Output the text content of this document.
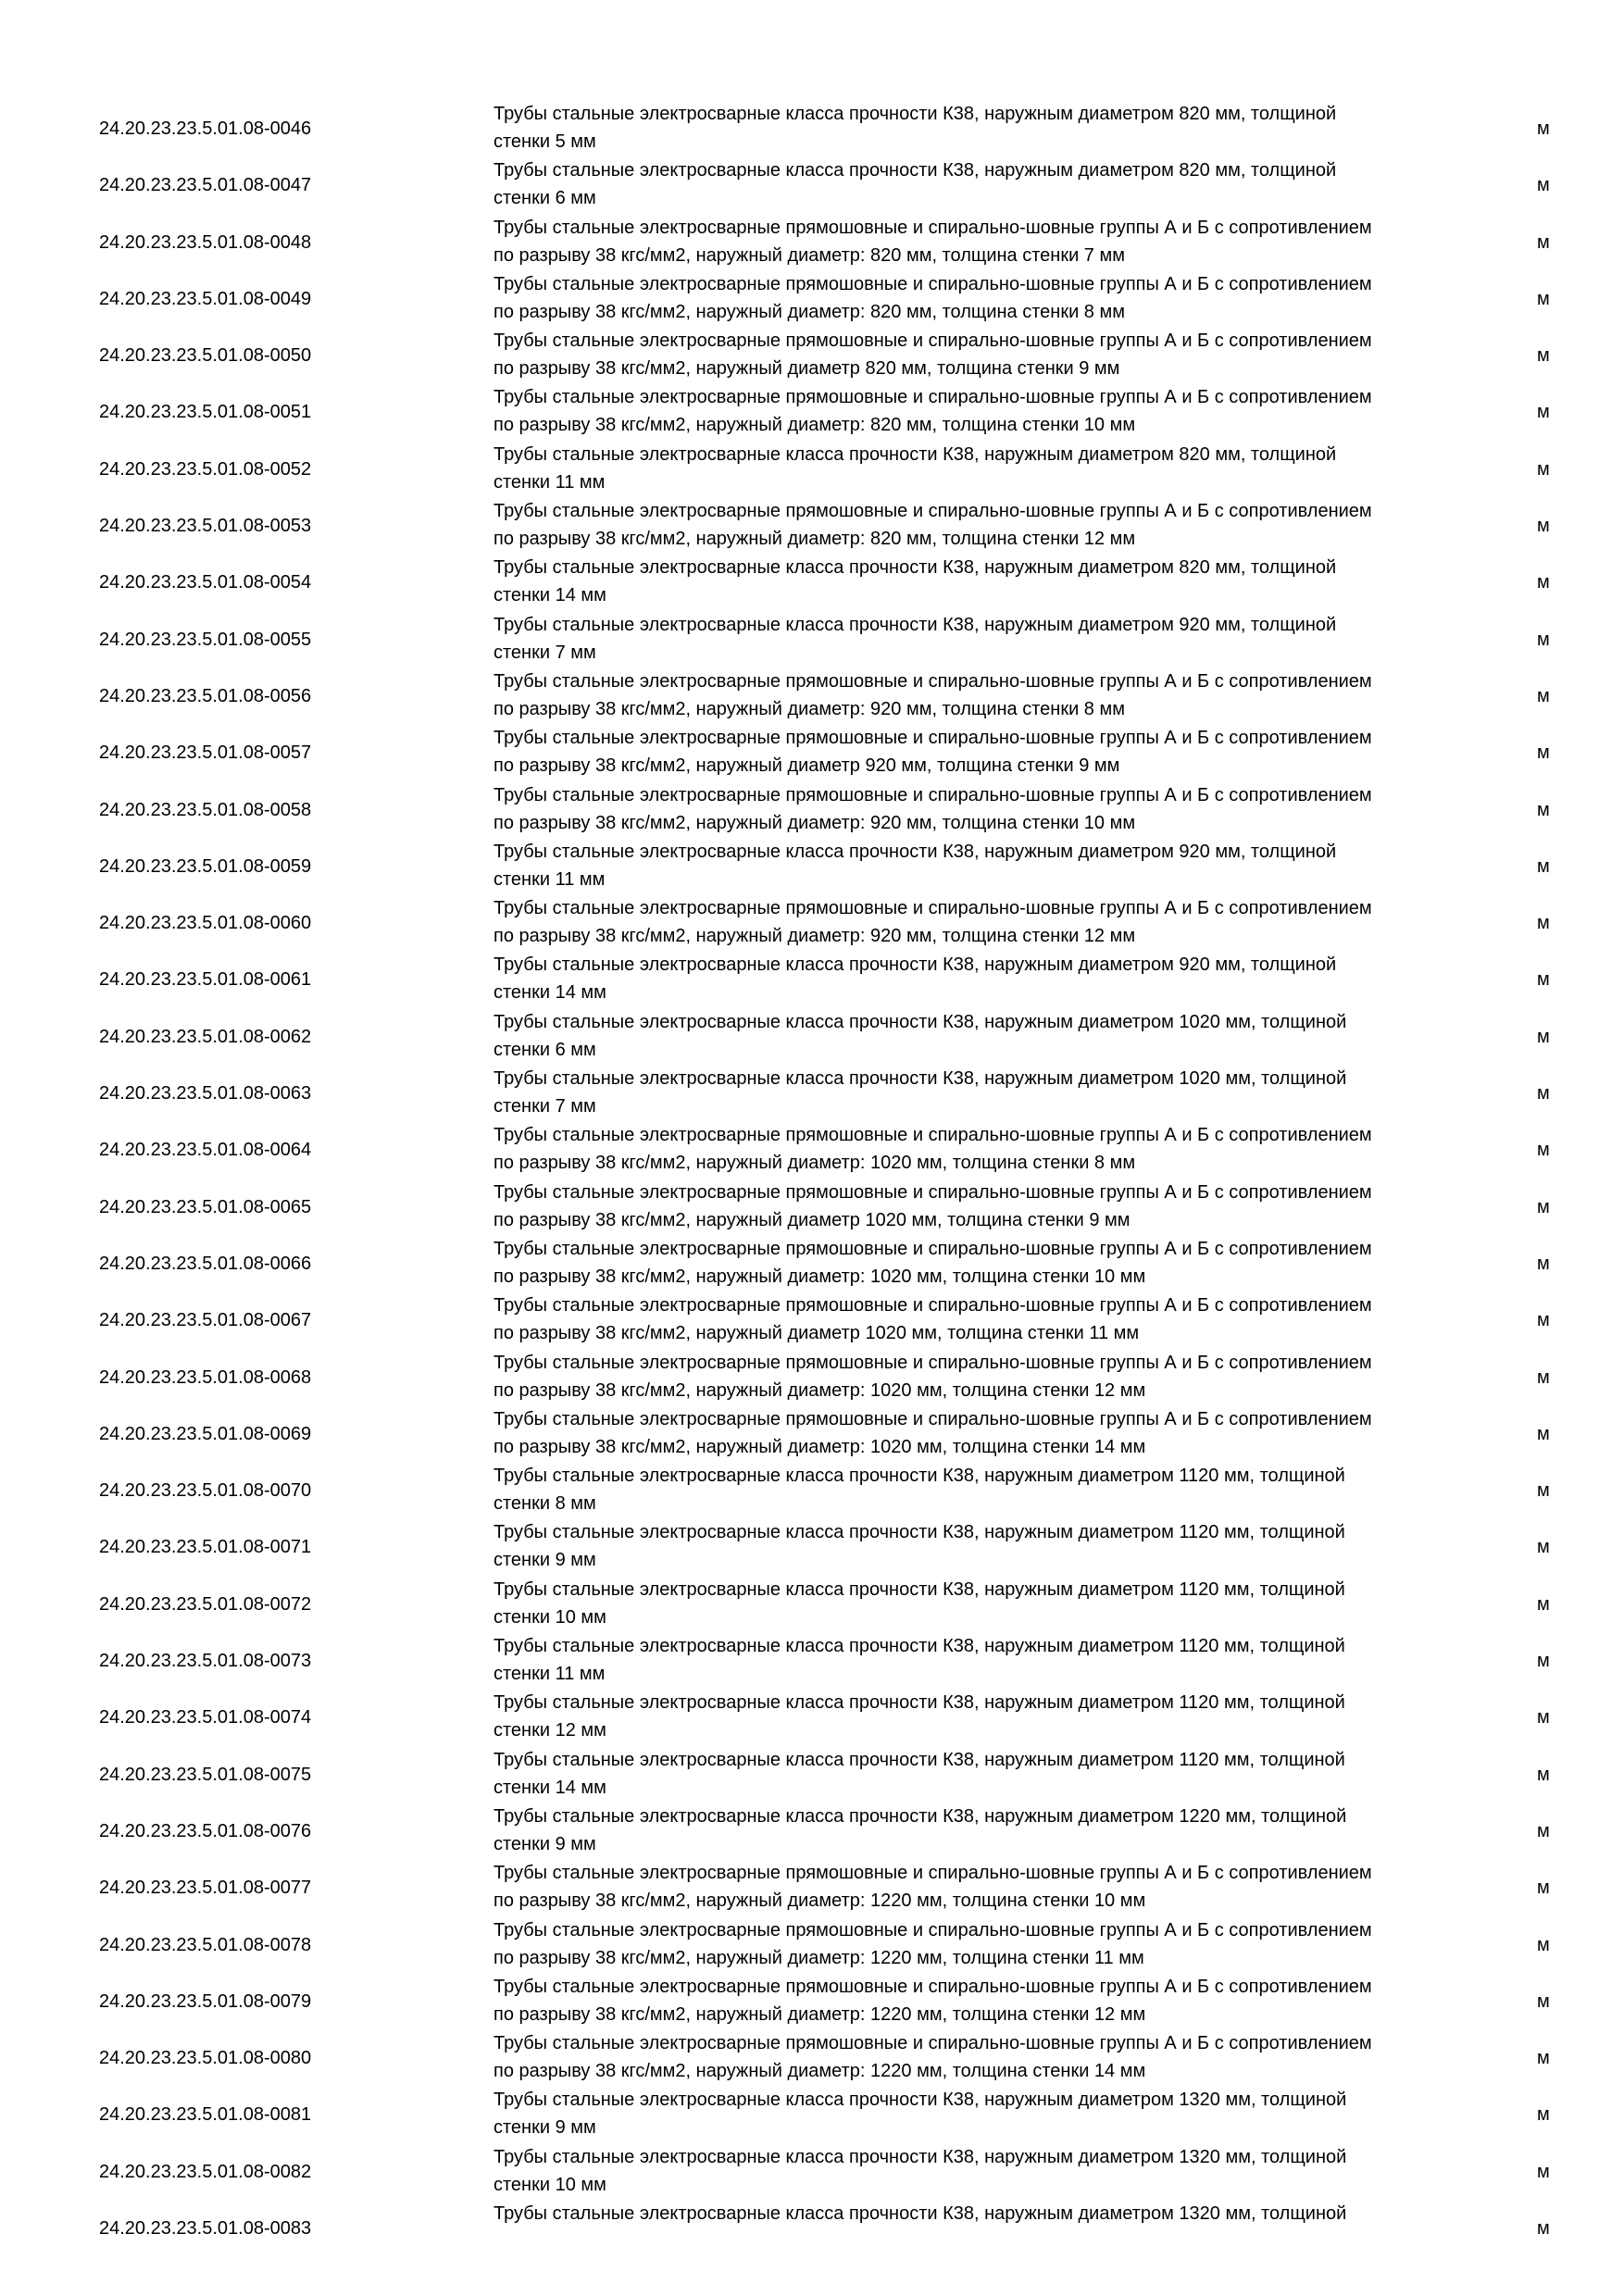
24.20.23.23.5.01.08-0046
Трубы стальные электросварные класса прочности К38, наружным диаметром 820 мм, толщиной
стенки 5 мм
м
24.20.23.23.5.01.08-0047
Трубы стальные электросварные класса прочности К38, наружным диаметром 820 мм, толщиной
стенки 6 мм
м
24.20.23.23.5.01.08-0048
Трубы стальные электросварные прямошовные и спирально-шовные группы А и Б с сопротивлением
по разрыву 38 кгс/мм2, наружный диаметр: 820 мм, толщина стенки 7 мм
м
24.20.23.23.5.01.08-0049
Трубы стальные электросварные прямошовные и спирально-шовные группы А и Б с сопротивлением
по разрыву 38 кгс/мм2, наружный диаметр: 820 мм, толщина стенки 8 мм
м
24.20.23.23.5.01.08-0050
Трубы стальные электросварные прямошовные и спирально-шовные группы А и Б с сопротивлением
по разрыву 38 кгс/мм2, наружный диаметр 820 мм, толщина стенки 9 мм
м
24.20.23.23.5.01.08-0051
Трубы стальные электросварные прямошовные и спирально-шовные группы А и Б с сопротивлением
по разрыву 38 кгс/мм2, наружный диаметр: 820 мм, толщина стенки 10 мм
м
24.20.23.23.5.01.08-0052
Трубы стальные электросварные класса прочности К38, наружным диаметром 820 мм, толщиной
стенки 11 мм
м
24.20.23.23.5.01.08-0053
Трубы стальные электросварные прямошовные и спирально-шовные группы А и Б с сопротивлением
по разрыву 38 кгс/мм2, наружный диаметр: 820 мм, толщина стенки 12 мм
м
24.20.23.23.5.01.08-0054
Трубы стальные электросварные класса прочности К38, наружным диаметром 820 мм, толщиной
стенки 14 мм
м
24.20.23.23.5.01.08-0055
Трубы стальные электросварные класса прочности К38, наружным диаметром 920 мм, толщиной
стенки 7 мм
м
24.20.23.23.5.01.08-0056
Трубы стальные электросварные прямошовные и спирально-шовные группы А и Б с сопротивлением
по разрыву 38 кгс/мм2, наружный диаметр: 920 мм, толщина стенки 8 мм
м
24.20.23.23.5.01.08-0057
Трубы стальные электросварные прямошовные и спирально-шовные группы А и Б с сопротивлением
по разрыву 38 кгс/мм2, наружный диаметр 920 мм, толщина стенки 9 мм
м
24.20.23.23.5.01.08-0058
Трубы стальные электросварные прямошовные и спирально-шовные группы А и Б с сопротивлением
по разрыву 38 кгс/мм2, наружный диаметр: 920 мм, толщина стенки 10 мм
м
24.20.23.23.5.01.08-0059
Трубы стальные электросварные класса прочности К38, наружным диаметром 920 мм, толщиной
стенки 11 мм
м
24.20.23.23.5.01.08-0060
Трубы стальные электросварные прямошовные и спирально-шовные группы А и Б с сопротивлением
по разрыву 38 кгс/мм2, наружный диаметр: 920 мм, толщина стенки 12 мм
м
24.20.23.23.5.01.08-0061
Трубы стальные электросварные класса прочности К38, наружным диаметром 920 мм, толщиной
стенки 14 мм
м
24.20.23.23.5.01.08-0062
Трубы стальные электросварные класса прочности К38, наружным диаметром 1020 мм, толщиной
стенки 6 мм
м
24.20.23.23.5.01.08-0063
Трубы стальные электросварные класса прочности К38, наружным диаметром 1020 мм, толщиной
стенки 7 мм
м
24.20.23.23.5.01.08-0064
Трубы стальные электросварные прямошовные и спирально-шовные группы А и Б с сопротивлением
по разрыву 38 кгс/мм2, наружный диаметр: 1020 мм, толщина стенки 8 мм
м
24.20.23.23.5.01.08-0065
Трубы стальные электросварные прямошовные и спирально-шовные группы А и Б с сопротивлением
по разрыву 38 кгс/мм2, наружный диаметр 1020 мм, толщина стенки 9 мм
м
24.20.23.23.5.01.08-0066
Трубы стальные электросварные прямошовные и спирально-шовные группы А и Б с сопротивлением
по разрыву 38 кгс/мм2, наружный диаметр: 1020 мм, толщина стенки 10 мм
м
24.20.23.23.5.01.08-0067
Трубы стальные электросварные прямошовные и спирально-шовные группы А и Б с сопротивлением
по разрыву 38 кгс/мм2, наружный диаметр 1020 мм, толщина стенки 11 мм
м
24.20.23.23.5.01.08-0068
Трубы стальные электросварные прямошовные и спирально-шовные группы А и Б с сопротивлением
по разрыву 38 кгс/мм2, наружный диаметр: 1020 мм, толщина стенки 12 мм
м
24.20.23.23.5.01.08-0069
Трубы стальные электросварные прямошовные и спирально-шовные группы А и Б с сопротивлением
по разрыву 38 кгс/мм2, наружный диаметр: 1020 мм, толщина стенки 14 мм
м
24.20.23.23.5.01.08-0070
Трубы стальные электросварные класса прочности К38, наружным диаметром 1120 мм, толщиной
стенки 8 мм
м
24.20.23.23.5.01.08-0071
Трубы стальные электросварные класса прочности К38, наружным диаметром 1120 мм, толщиной
стенки 9 мм
м
24.20.23.23.5.01.08-0072
Трубы стальные электросварные класса прочности К38, наружным диаметром 1120 мм, толщиной
стенки 10 мм
м
24.20.23.23.5.01.08-0073
Трубы стальные электросварные класса прочности К38, наружным диаметром 1120 мм, толщиной
стенки 11 мм
м
24.20.23.23.5.01.08-0074
Трубы стальные электросварные класса прочности К38, наружным диаметром 1120 мм, толщиной
стенки 12 мм
м
24.20.23.23.5.01.08-0075
Трубы стальные электросварные класса прочности К38, наружным диаметром 1120 мм, толщиной
стенки 14 мм
м
24.20.23.23.5.01.08-0076
Трубы стальные электросварные класса прочности К38, наружным диаметром 1220 мм, толщиной
стенки 9 мм
м
24.20.23.23.5.01.08-0077
Трубы стальные электросварные прямошовные и спирально-шовные группы А и Б с сопротивлением
по разрыву 38 кгс/мм2, наружный диаметр: 1220 мм, толщина стенки 10 мм
м
24.20.23.23.5.01.08-0078
Трубы стальные электросварные прямошовные и спирально-шовные группы А и Б с сопротивлением
по разрыву 38 кгс/мм2, наружный диаметр: 1220 мм, толщина стенки 11 мм
м
24.20.23.23.5.01.08-0079
Трубы стальные электросварные прямошовные и спирально-шовные группы А и Б с сопротивлением
по разрыву 38 кгс/мм2, наружный диаметр: 1220 мм, толщина стенки 12 мм
м
24.20.23.23.5.01.08-0080
Трубы стальные электросварные прямошовные и спирально-шовные группы А и Б с сопротивлением
по разрыву 38 кгс/мм2, наружный диаметр: 1220 мм, толщина стенки 14 мм
м
24.20.23.23.5.01.08-0081
Трубы стальные электросварные класса прочности К38, наружным диаметром 1320 мм, толщиной
стенки 9 мм
м
24.20.23.23.5.01.08-0082
Трубы стальные электросварные класса прочности К38, наружным диаметром 1320 мм, толщиной
стенки 10 мм
м
24.20.23.23.5.01.08-0083
Трубы стальные электросварные класса прочности К38, наружным диаметром 1320 мм, толщиной
м
